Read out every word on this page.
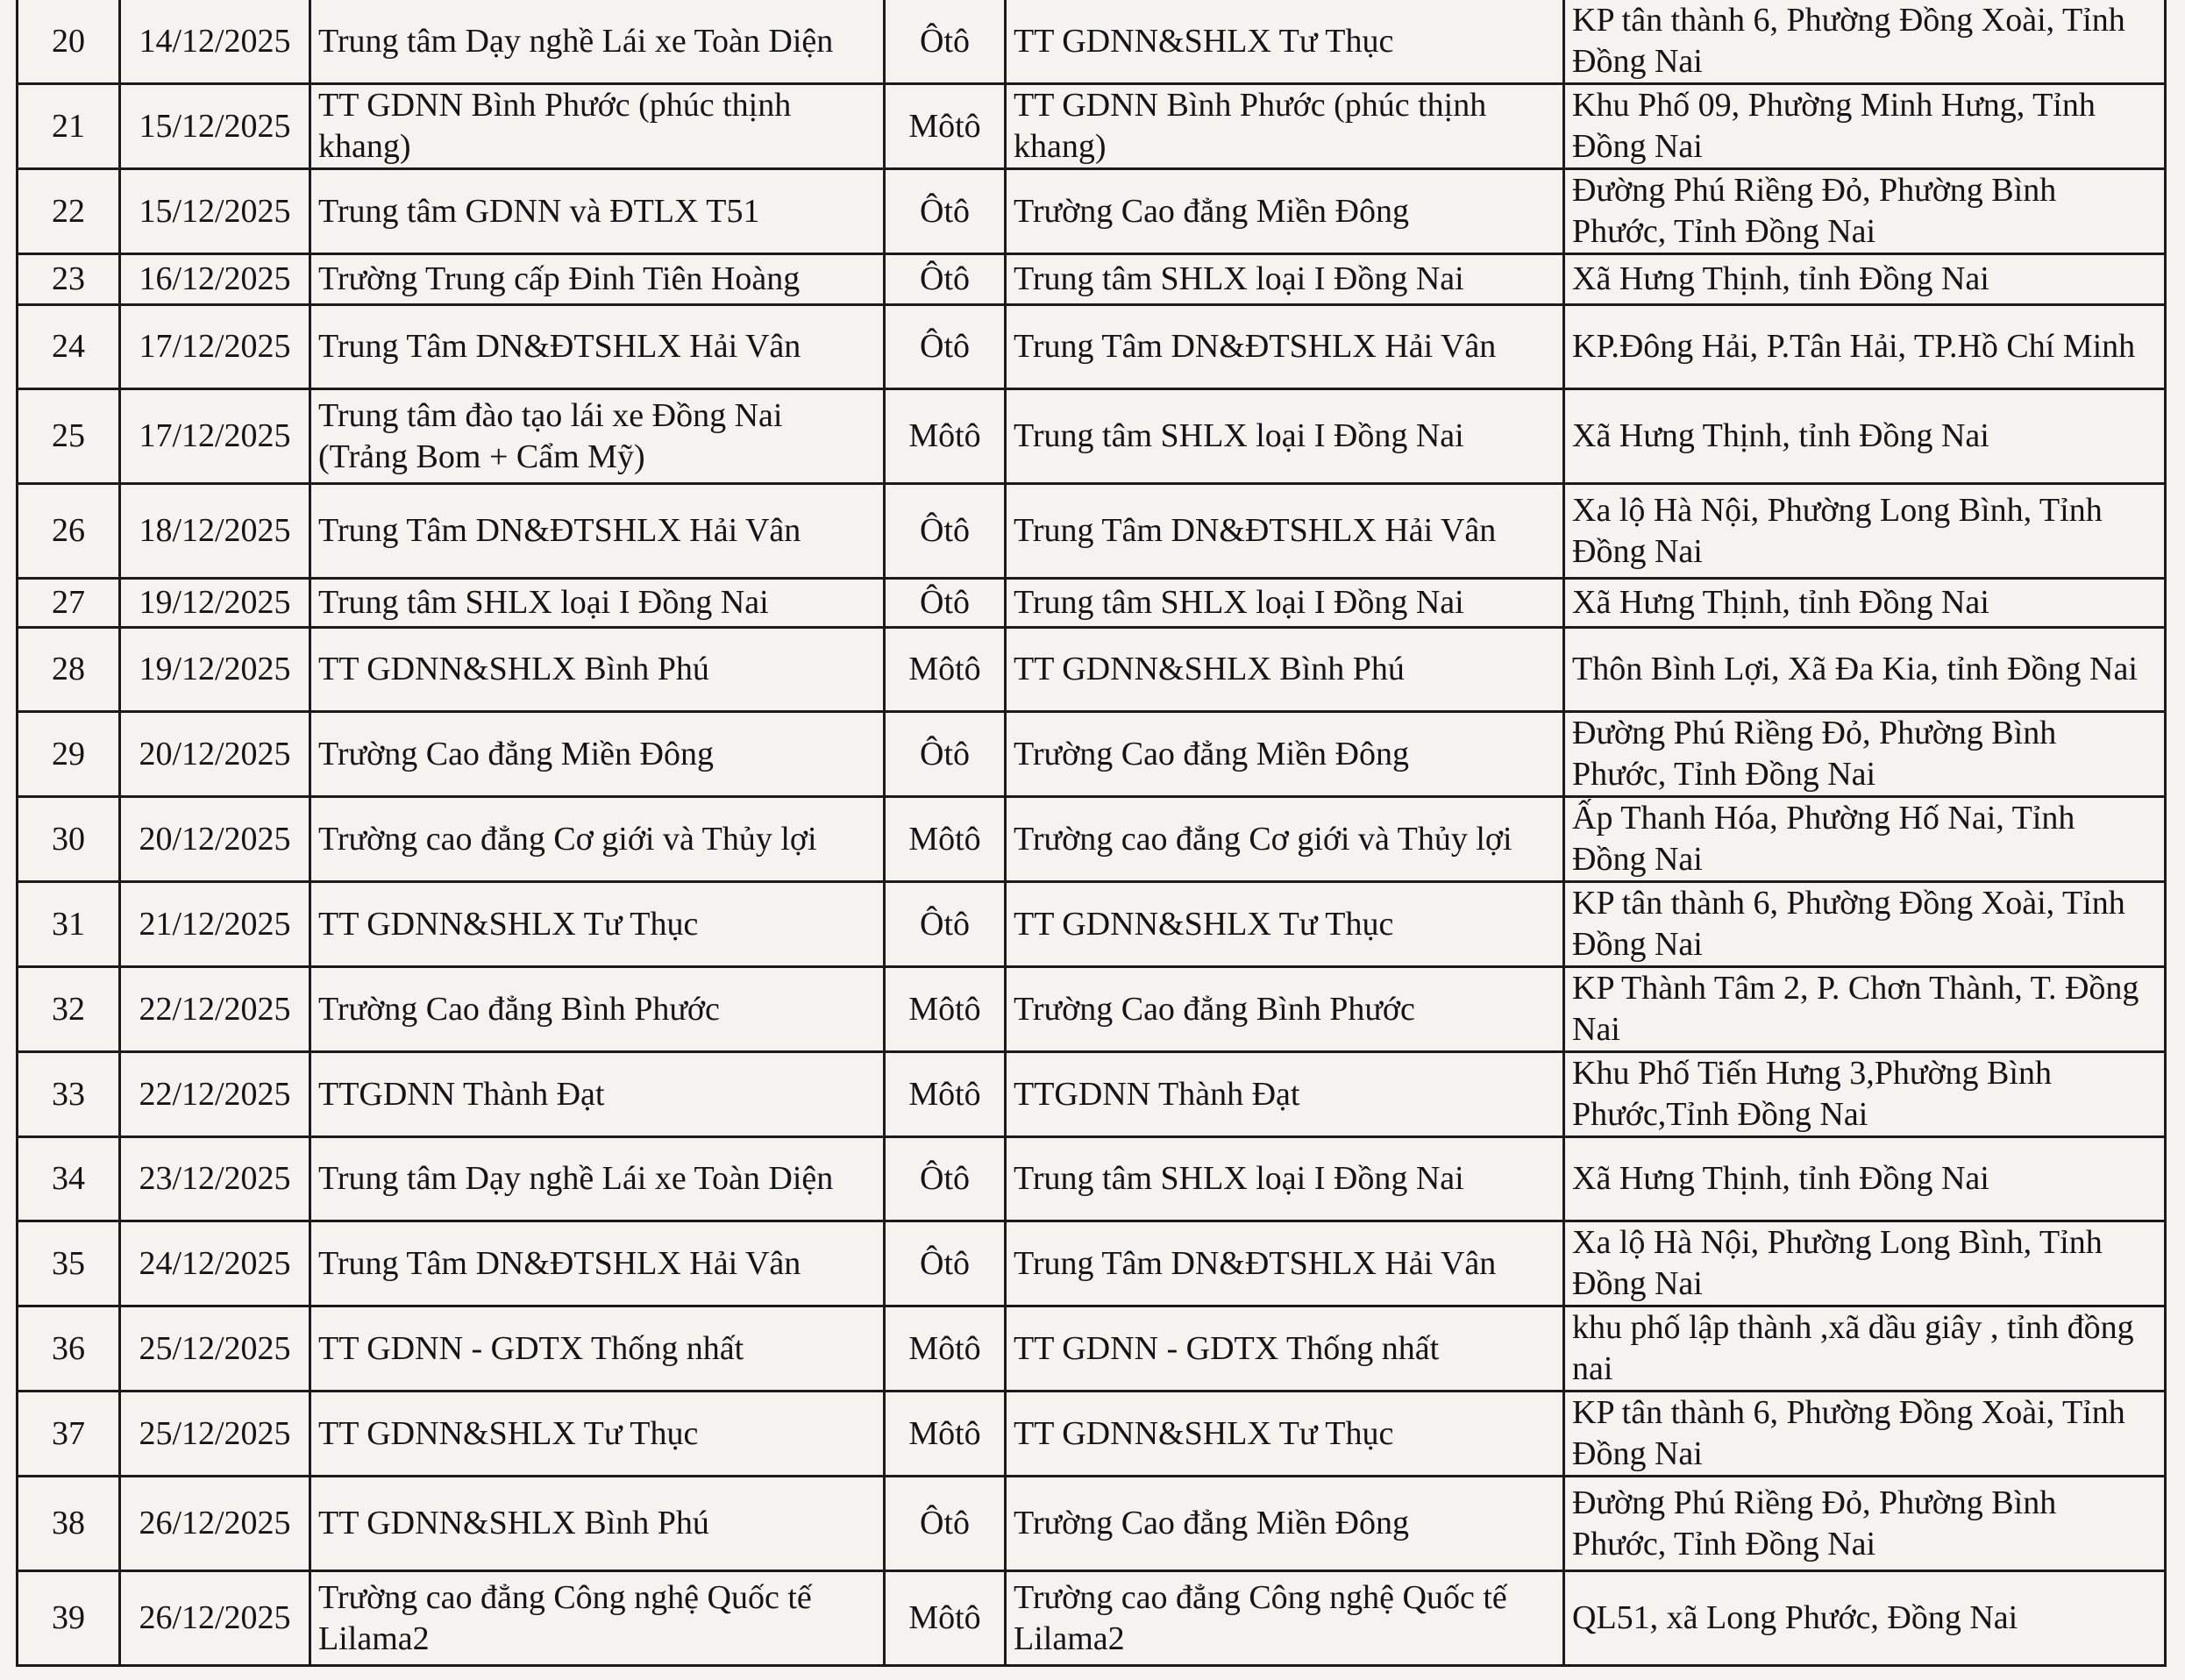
20	14/12/2025	Trung tâm Dạy nghề Lái xe Toàn Diện	Ôtô	TT GDNN&SHLX Tư Thục	KP tân thành 6, Phường Đồng Xoài, Tỉnh Đồng Nai
21	15/12/2025	TT GDNN Bình Phước (phúc thịnh khang)	Môtô	TT GDNN Bình Phước (phúc thịnh khang)	Khu Phố 09, Phường Minh Hưng, Tỉnh Đồng Nai
22	15/12/2025	Trung tâm GDNN và ĐTLX T51	Ôtô	Trường Cao đẳng Miền Đông	Đường Phú Riềng Đỏ, Phường Bình Phước, Tỉnh Đồng Nai
23	16/12/2025	Trường Trung cấp Đinh Tiên Hoàng	Ôtô	Trung tâm SHLX loại I Đồng Nai	Xã Hưng Thịnh, tỉnh Đồng Nai
24	17/12/2025	Trung Tâm DN&ĐTSHLX Hải Vân	Ôtô	Trung Tâm DN&ĐTSHLX Hải Vân	KP.Đông Hải, P.Tân Hải, TP.Hồ Chí Minh
25	17/12/2025	Trung tâm đào tạo lái xe Đồng Nai (Trảng Bom + Cẩm Mỹ)	Môtô	Trung tâm SHLX loại I Đồng Nai	Xã Hưng Thịnh, tỉnh Đồng Nai
26	18/12/2025	Trung Tâm DN&ĐTSHLX Hải Vân	Ôtô	Trung Tâm DN&ĐTSHLX Hải Vân	Xa lộ Hà Nội, Phường Long Bình, Tỉnh Đồng Nai
27	19/12/2025	Trung tâm SHLX loại I Đồng Nai	Ôtô	Trung tâm SHLX loại I Đồng Nai	Xã Hưng Thịnh, tỉnh Đồng Nai
28	19/12/2025	TT GDNN&SHLX Bình Phú	Môtô	TT GDNN&SHLX Bình Phú	Thôn Bình Lợi, Xã Đa Kia, tỉnh Đồng Nai
29	20/12/2025	Trường Cao đẳng Miền Đông	Ôtô	Trường Cao đẳng Miền Đông	Đường Phú Riềng Đỏ, Phường Bình Phước, Tỉnh Đồng Nai
30	20/12/2025	Trường cao đẳng Cơ giới và Thủy lợi	Môtô	Trường cao đẳng Cơ giới và Thủy lợi	Ấp Thanh Hóa, Phường Hố Nai, Tỉnh Đồng Nai
31	21/12/2025	TT GDNN&SHLX Tư Thục	Ôtô	TT GDNN&SHLX Tư Thục	KP tân thành 6, Phường Đồng Xoài, Tỉnh Đồng Nai
32	22/12/2025	Trường Cao đẳng Bình Phước	Môtô	Trường Cao đẳng Bình Phước	KP Thành Tâm 2, P. Chơn Thành, T. Đồng Nai
33	22/12/2025	TTGDNN Thành Đạt	Môtô	TTGDNN Thành Đạt	Khu Phố Tiến Hưng 3,Phường Bình Phước,Tỉnh Đồng Nai
34	23/12/2025	Trung tâm Dạy nghề Lái xe Toàn Diện	Ôtô	Trung tâm SHLX loại I Đồng Nai	Xã Hưng Thịnh, tỉnh Đồng Nai
35	24/12/2025	Trung Tâm DN&ĐTSHLX Hải Vân	Ôtô	Trung Tâm DN&ĐTSHLX Hải Vân	Xa lộ Hà Nội, Phường Long Bình, Tỉnh Đồng Nai
36	25/12/2025	TT GDNN - GDTX Thống nhất	Môtô	TT GDNN - GDTX Thống nhất	khu phố lập thành ,xã dầu giây , tỉnh đồng nai
37	25/12/2025	TT GDNN&SHLX Tư Thục	Môtô	TT GDNN&SHLX Tư Thục	KP tân thành 6, Phường Đồng Xoài, Tỉnh Đồng Nai
38	26/12/2025	TT GDNN&SHLX Bình Phú	Ôtô	Trường Cao đẳng Miền Đông	Đường Phú Riềng Đỏ, Phường Bình Phước, Tỉnh Đồng Nai
39	26/12/2025	Trường cao đẳng Công nghệ Quốc tế Lilama2	Môtô	Trường cao đẳng Công nghệ Quốc tế Lilama2	QL51, xã Long Phước, Đồng Nai
